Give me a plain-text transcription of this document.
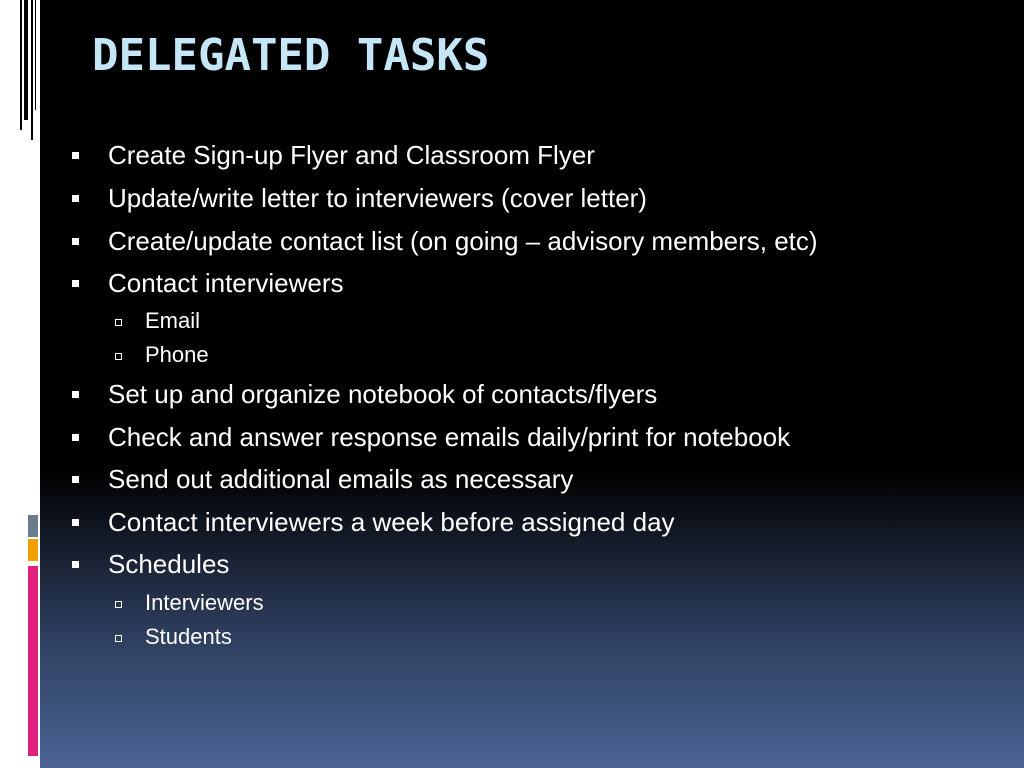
DELEGATED TASKS
Create Sign-up Flyer and Classroom Flyer
Update/write letter to interviewers (cover letter)
Create/update contact list (on going – advisory members, etc)
Contact interviewers
Email
Phone
Set up and organize notebook of contacts/flyers
Check and answer response emails daily/print for notebook
Send out additional emails as necessary
Contact interviewers a week before assigned day
Schedules
Interviewers
Students
